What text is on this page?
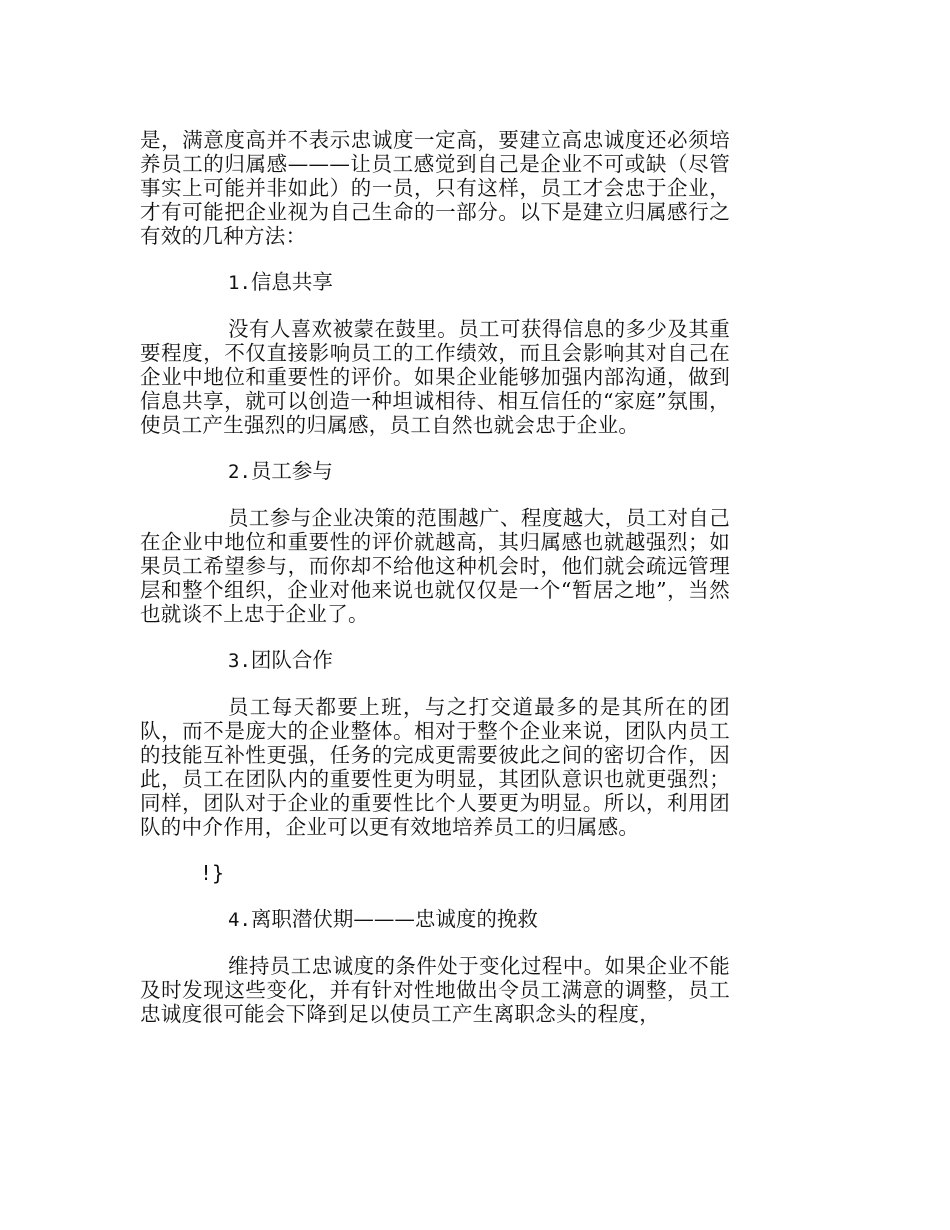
是，满意度高并不表示忠诚度一定高，要建立高忠诚度还必须培养员工的归属感———让员工感觉到自己是企业不可或缺（尽管事实上可能并非如此）的一员，只有这样，员工才会忠于企业，才有可能把企业视为自己生命的一部分。以下是建立归属感行之有效的几种方法：

1.信息共享

没有人喜欢被蒙在鼓里。员工可获得信息的多少及其重要程度，不仅直接影响员工的工作绩效，而且会影响其对自己在企业中地位和重要性的评价。如果企业能够加强内部沟通，做到信息共享，就可以创造一种坦诚相待、相互信任的“家庭”氛围，使员工产生强烈的归属感，员工自然也就会忠于企业。

2.员工参与

员工参与企业决策的范围越广、程度越大，员工对自己在企业中地位和重要性的评价就越高，其归属感也就越强烈；如果员工希望参与，而你却不给他这种机会时，他们就会疏远管理层和整个组织，企业对他来说也就仅仅是一个“暂居之地”，当然也就谈不上忠于企业了。

3.团队合作

员工每天都要上班，与之打交道最多的是其所在的团队，而不是庞大的企业整体。相对于整个企业来说，团队内员工的技能互补性更强，任务的完成更需要彼此之间的密切合作，因此，员工在团队内的重要性更为明显，其团队意识也就更强烈；同样，团队对于企业的重要性比个人要更为明显。所以，利用团队的中介作用，企业可以更有效地培养员工的归属感。

!}

4.离职潜伏期———忠诚度的挽救

维持员工忠诚度的条件处于变化过程中。如果企业不能及时发现这些变化，并有针对性地做出令员工满意的调整，员工忠诚度很可能会下降到足以使员工产生离职念头的程度，
